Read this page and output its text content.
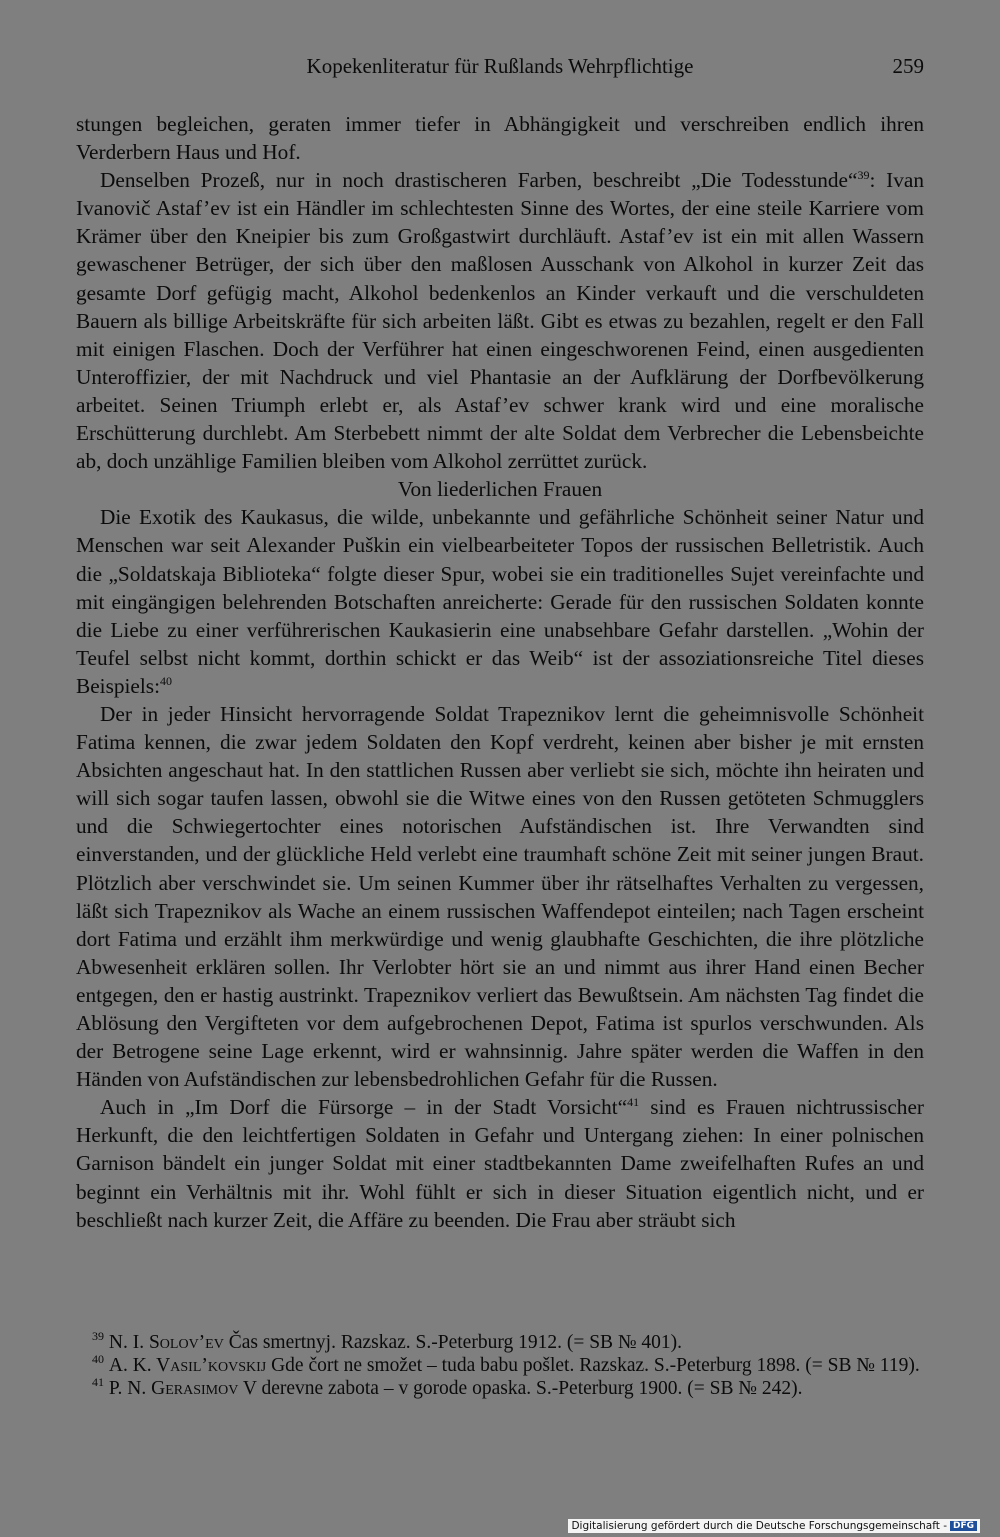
Kopekenliteratur für Rußlands Wehrpflichtige	259

stungen begleichen, geraten immer tiefer in Abhängigkeit und verschreiben endlich ihren Verderbern Haus und Hof.

Denselben Prozeß, nur in noch drastischeren Farben, beschreibt „Die Todesstunde“$^{39}$: Ivan Ivanovič Astaf’ev ist ein Händler im schlechtesten Sinne des Wortes, der eine steile Karriere vom Krämer über den Kneipier bis zum Großgastwirt durchläuft. Astaf’ev ist ein mit allen Wassern gewaschener Betrüger, der sich über den maßlosen Ausschank von Alkohol in kurzer Zeit das gesamte Dorf gefügig macht, Alkohol bedenkenlos an Kinder verkauft und die verschuldeten Bauern als billige Arbeitskräfte für sich arbeiten läßt. Gibt es etwas zu bezahlen, regelt er den Fall mit einigen Flaschen. Doch der Verführer hat einen eingeschworenen Feind, einen ausgedienten Unteroffizier, der mit Nachdruck und viel Phantasie an der Aufklärung der Dorfbevölkerung arbeitet. Seinen Triumph erlebt er, als Astaf’ev schwer krank wird und eine moralische Erschütterung durchlebt. Am Sterbebett nimmt der alte Soldat dem Verbrecher die Lebensbeichte ab, doch unzählige Familien bleiben vom Alkohol zerrüttet zurück.

Von liederlichen Frauen

Die Exotik des Kaukasus, die wilde, unbekannte und gefährliche Schönheit seiner Natur und Menschen war seit Alexander Puškin ein vielbearbeiteter Topos der russischen Belletristik. Auch die „Soldatskaja Biblioteka“ folgte dieser Spur, wobei sie ein traditionelles Sujet vereinfachte und mit eingängigen belehrenden Botschaften anreicherte: Gerade für den russischen Soldaten konnte die Liebe zu einer verführerischen Kaukasierin eine unabsehbare Gefahr darstellen. „Wohin der Teufel selbst nicht kommt, dorthin schickt er das Weib“ ist der assoziationsreiche Titel dieses Beispiels:$^{40}$

Der in jeder Hinsicht hervorragende Soldat Trapeznikov lernt die geheimnisvolle Schönheit Fatima kennen, die zwar jedem Soldaten den Kopf verdreht, keinen aber bisher je mit ernsten Absichten angeschaut hat. In den stattlichen Russen aber verliebt sie sich, möchte ihn heiraten und will sich sogar taufen lassen, obwohl sie die Witwe eines von den Russen getöteten Schmugglers und die Schwiegertochter eines notorischen Aufständischen ist. Ihre Verwandten sind einverstanden, und der glückliche Held verlebt eine traumhaft schöne Zeit mit seiner jungen Braut. Plötzlich aber verschwindet sie. Um seinen Kummer über ihr rätselhaftes Verhalten zu vergessen, läßt sich Trapeznikov als Wache an einem russischen Waffendepot einteilen; nach Tagen erscheint dort Fatima und erzählt ihm merkwürdige und wenig glaubhafte Geschichten, die ihre plötzliche Abwesenheit erklären sollen. Ihr Verlobter hört sie an und nimmt aus ihrer Hand einen Becher entgegen, den er hastig austrinkt. Trapeznikov verliert das Bewußtsein. Am nächsten Tag findet die Ablösung den Vergifteten vor dem aufgebrochenen Depot, Fatima ist spurlos verschwunden. Als der Betrogene seine Lage erkennt, wird er wahnsinnig. Jahre später werden die Waffen in den Händen von Aufständischen zur lebensbedrohlichen Gefahr für die Russen.

Auch in „Im Dorf die Fürsorge – in der Stadt Vorsicht“$^{41}$ sind es Frauen nichtrussischer Herkunft, die den leichtfertigen Soldaten in Gefahr und Untergang ziehen: In einer polnischen Garnison bändelt ein junger Soldat mit einer stadtbekannten Dame zweifelhaften Rufes an und beginnt ein Verhältnis mit ihr. Wohl fühlt er sich in dieser Situation eigentlich nicht, und er beschließt nach kurzer Zeit, die Affäre zu beenden. Die Frau aber sträubt sich

$^{39}$ N. I. Solov’ev Čas smertnyj. Razskaz. S.-Peterburg 1912. (= SB № 401).

$^{40}$ A. K. Vasil’kovskij Gde čort ne smožet – tuda babu pošlet. Razskaz. S.-Peterburg 1898. (= SB № 119).

$^{41}$ P. N. Gerasimov V derevne zabota – v gorode opaska. S.-Peterburg 1900. (= SB № 242).

Digitalisierung gefördert durch die Deutsche Forschungsgemeinschaft - DFG
